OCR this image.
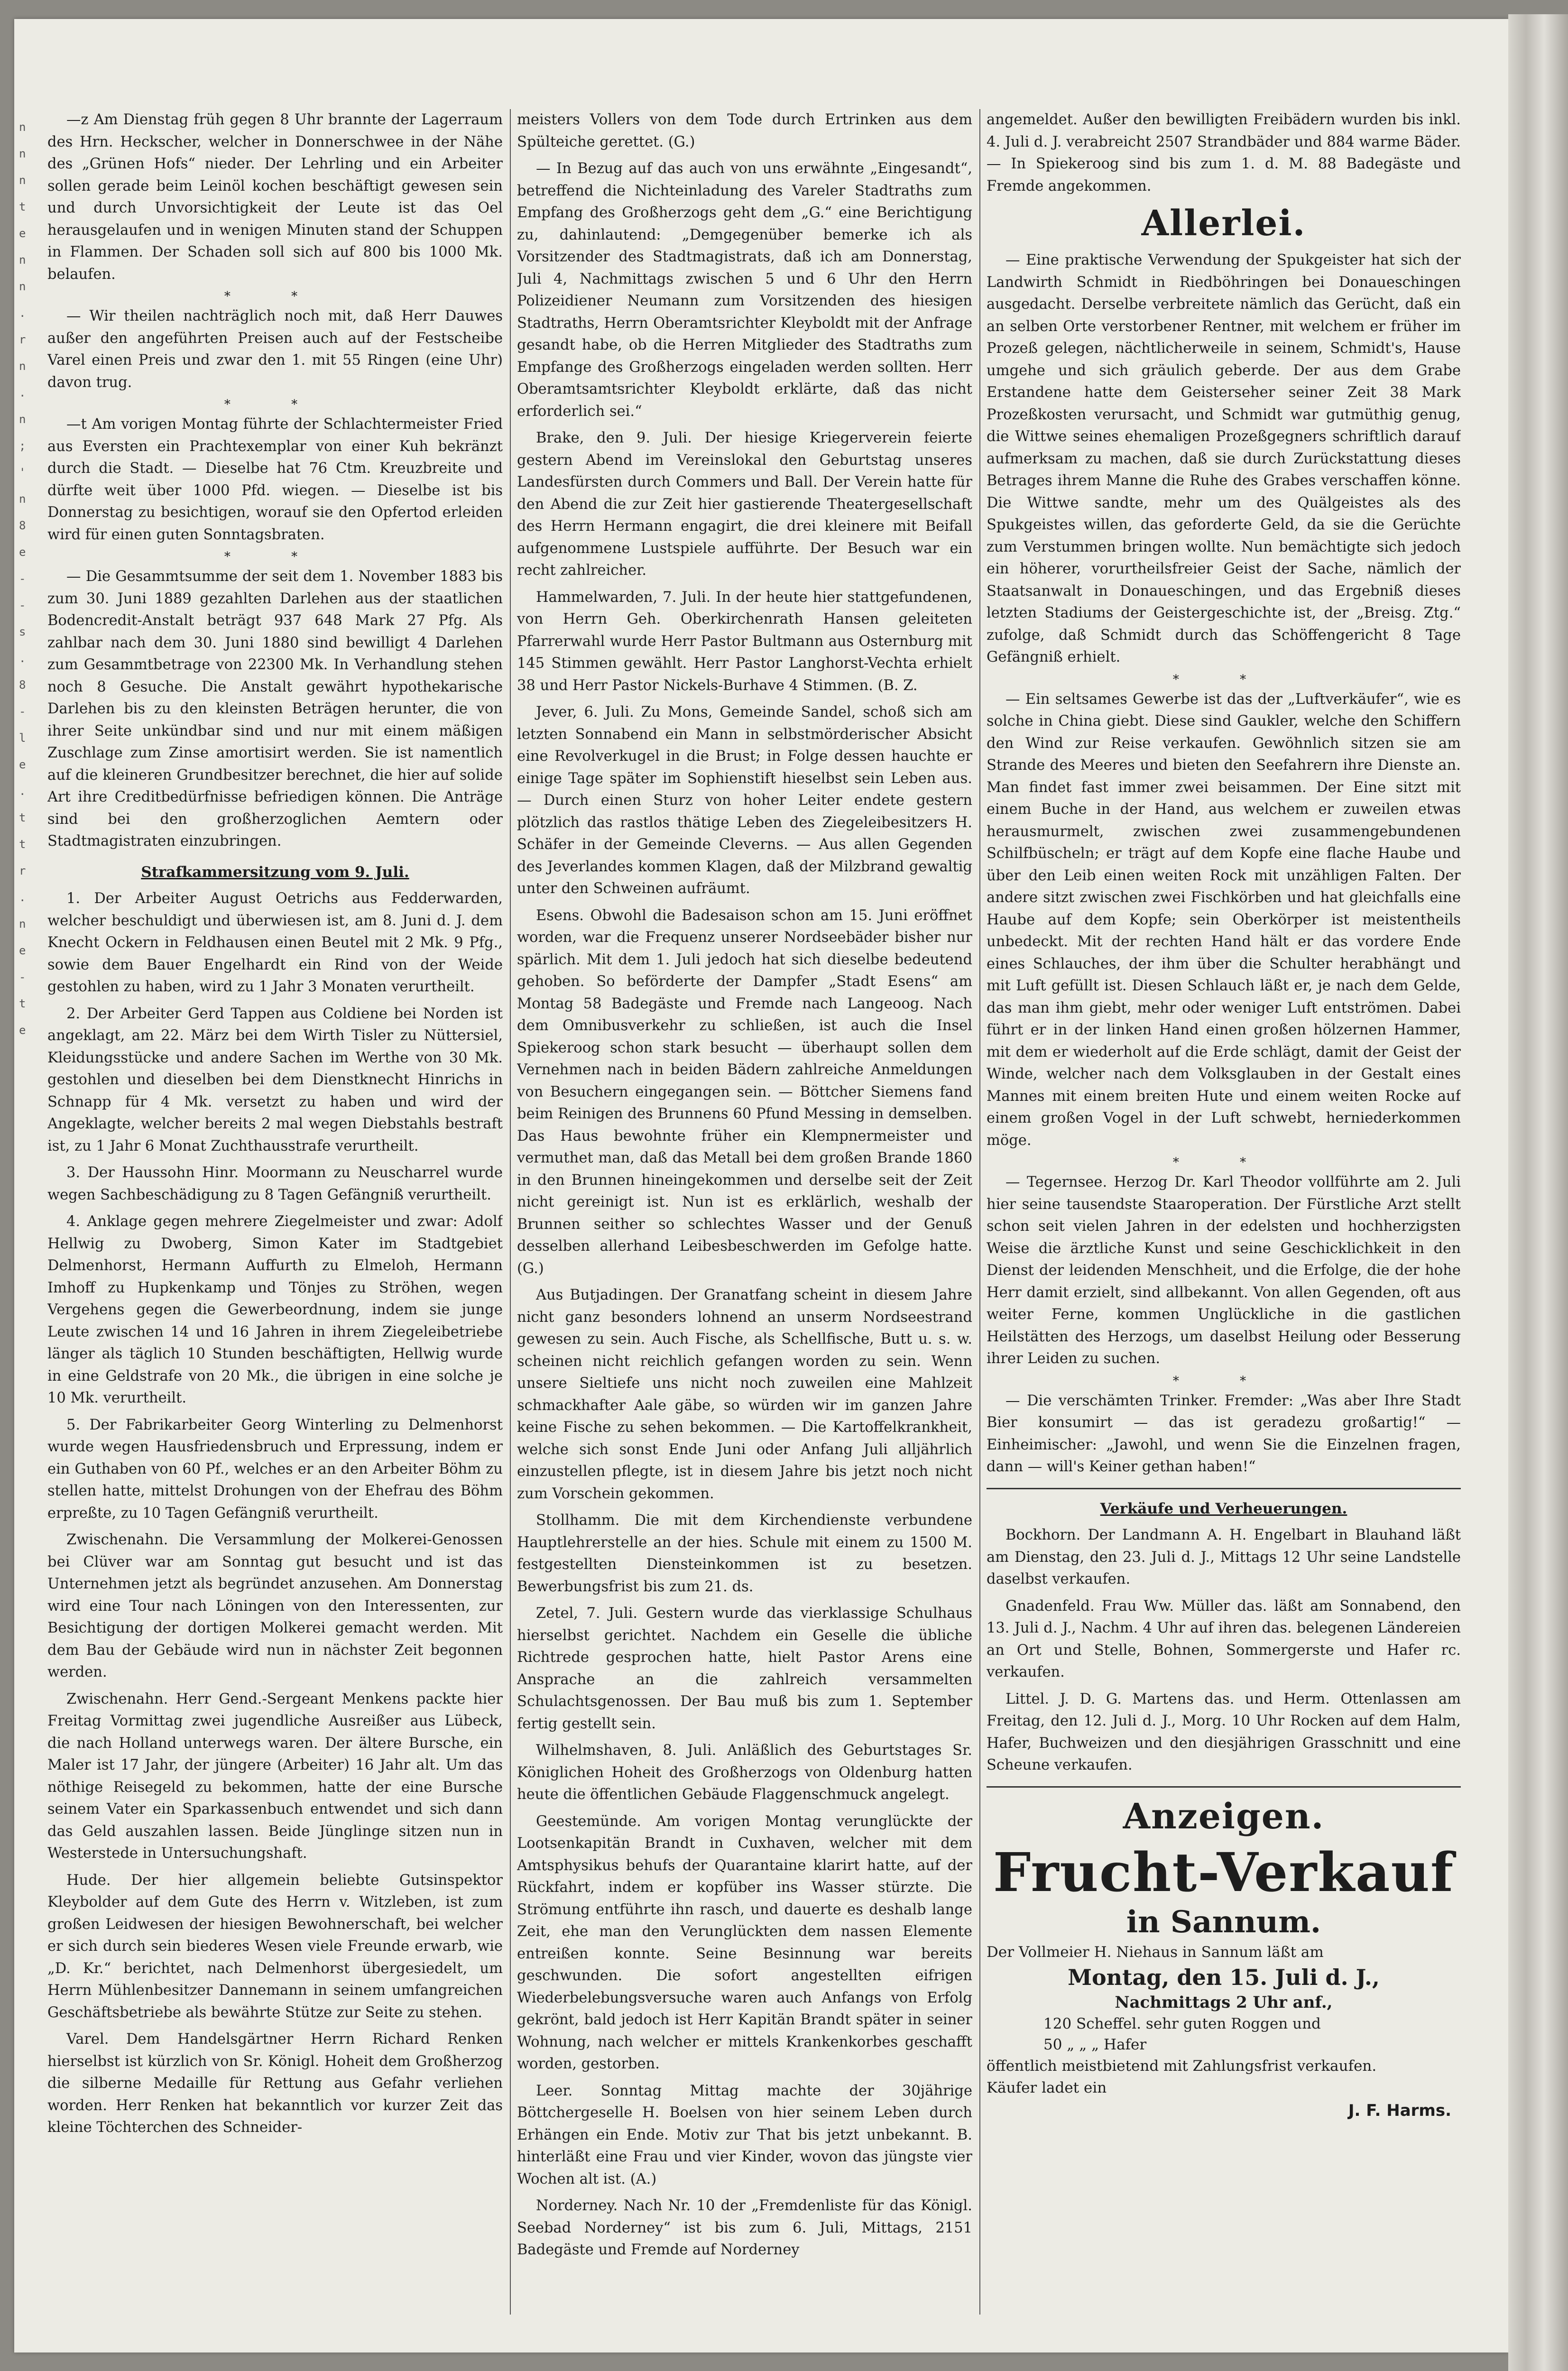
n
n
n
t
e
n
n
.
r
n
.
n
;
'
n
8
e
-
-
s
.
8
-
l
e
.
t
t
r
.
n
e
-
t
e

—z Am Dienstag früh gegen 8 Uhr brannte der Lagerraum des Hrn. Heckscher, welcher in Donnerschwee in der Nähe des „Grünen Hofs“ nieder. Der Lehrling und ein Arbeiter sollen gerade beim Leinöl kochen beschäftigt gewesen sein und durch Unvorsichtigkeit der Leute ist das Oel herausgelaufen und in wenigen Minuten stand der Schuppen in Flammen. Der Schaden soll sich auf 800 bis 1000 Mk. belaufen.

* *

— Wir theilen nachträglich noch mit, daß Herr Dauwes außer den angeführten Preisen auch auf der Festscheibe Varel einen Preis und zwar den 1. mit 55 Ringen (eine Uhr) davon trug.

* *

—t Am vorigen Montag führte der Schlachtermeister Fried aus Eversten ein Prachtexemplar von einer Kuh bekränzt durch die Stadt. — Dieselbe hat 76 Ctm. Kreuzbreite und dürfte weit über 1000 Pfd. wiegen. — Dieselbe ist bis Donnerstag zu besichtigen, worauf sie den Opfertod erleiden wird für einen guten Sonntagsbraten.

* *

— Die Gesammtsumme der seit dem 1. November 1883 bis zum 30. Juni 1889 gezahlten Darlehen aus der staatlichen Bodencredit-Anstalt beträgt 937 648 Mark 27 Pfg. Als zahlbar nach dem 30. Juni 1880 sind bewilligt 4 Darlehen zum Gesammtbetrage von 22300 Mk. In Verhandlung stehen noch 8 Gesuche. Die Anstalt gewährt hypothekarische Darlehen bis zu den kleinsten Beträgen herunter, die von ihrer Seite unkündbar sind und nur mit einem mäßigen Zuschlage zum Zinse amortisirt werden. Sie ist namentlich auf die kleineren Grundbesitzer berechnet, die hier auf solide Art ihre Creditbedürfnisse befriedigen können. Die Anträge sind bei den großherzoglichen Aemtern oder Stadtmagistraten einzubringen.

Strafkammersitzung vom 9. Juli.

1. Der Arbeiter August Oetrichs aus Fedderwarden, welcher beschuldigt und überwiesen ist, am 8. Juni d. J. dem Knecht Ockern in Feldhausen einen Beutel mit 2 Mk. 9 Pfg., sowie dem Bauer Engelhardt ein Rind von der Weide gestohlen zu haben, wird zu 1 Jahr 3 Monaten verurtheilt.

2. Der Arbeiter Gerd Tappen aus Coldiene bei Norden ist angeklagt, am 22. März bei dem Wirth Tisler zu Nüttersiel, Kleidungsstücke und andere Sachen im Werthe von 30 Mk. gestohlen und dieselben bei dem Dienstknecht Hinrichs in Schnapp für 4 Mk. versetzt zu haben und wird der Angeklagte, welcher bereits 2 mal wegen Diebstahls bestraft ist, zu 1 Jahr 6 Monat Zuchthausstrafe verurtheilt.

3. Der Haussohn Hinr. Moormann zu Neuscharrel wurde wegen Sachbeschädigung zu 8 Tagen Gefängniß verurtheilt.

4. Anklage gegen mehrere Ziegelmeister und zwar: Adolf Hellwig zu Dwoberg, Simon Kater im Stadtgebiet Delmenhorst, Hermann Auffurth zu Elmeloh, Hermann Imhoff zu Hupkenkamp und Tönjes zu Ströhen, wegen Vergehens gegen die Gewerbeordnung, indem sie junge Leute zwischen 14 und 16 Jahren in ihrem Ziegeleibetriebe länger als täglich 10 Stunden beschäftigten, Hellwig wurde in eine Geldstrafe von 20 Mk., die übrigen in eine solche je 10 Mk. verurtheilt.

5. Der Fabrikarbeiter Georg Winterling zu Delmenhorst wurde wegen Hausfriedensbruch und Erpressung, indem er ein Guthaben von 60 Pf., welches er an den Arbeiter Böhm zu stellen hatte, mittelst Drohungen von der Ehefrau des Böhm erpreßte, zu 10 Tagen Gefängniß verurtheilt.

Zwischenahn. Die Versammlung der Molkerei-Genossen bei Clüver war am Sonntag gut besucht und ist das Unternehmen jetzt als begründet anzusehen. Am Donnerstag wird eine Tour nach Löningen von den Interessenten, zur Besichtigung der dortigen Molkerei gemacht werden. Mit dem Bau der Gebäude wird nun in nächster Zeit begonnen werden.

Zwischenahn. Herr Gend.-Sergeant Menkens packte hier Freitag Vormittag zwei jugendliche Ausreißer aus Lübeck, die nach Holland unterwegs waren. Der ältere Bursche, ein Maler ist 17 Jahr, der jüngere (Arbeiter) 16 Jahr alt. Um das nöthige Reisegeld zu bekommen, hatte der eine Bursche seinem Vater ein Sparkassenbuch entwendet und sich dann das Geld auszahlen lassen. Beide Jünglinge sitzen nun in Westerstede in Untersuchungshaft.

Hude. Der hier allgemein beliebte Gutsinspektor Kleybolder auf dem Gute des Herrn v. Witzleben, ist zum großen Leidwesen der hiesigen Bewohnerschaft, bei welcher er sich durch sein biederes Wesen viele Freunde erwarb, wie „D. Kr.“ berichtet, nach Delmenhorst übergesiedelt, um Herrn Mühlenbesitzer Dannemann in seinem umfangreichen Geschäftsbetriebe als bewährte Stütze zur Seite zu stehen.

Varel. Dem Handelsgärtner Herrn Richard Renken hierselbst ist kürzlich von Sr. Königl. Hoheit dem Großherzog die silberne Medaille für Rettung aus Gefahr verliehen worden. Herr Renken hat bekanntlich vor kurzer Zeit das kleine Töchterchen des Schneider-

meisters Vollers von dem Tode durch Ertrinken aus dem Spülteiche gerettet. (G.)

— In Bezug auf das auch von uns erwähnte „Eingesandt“, betreffend die Nichteinladung des Vareler Stadtraths zum Empfang des Großherzogs geht dem „G.“ eine Berichtigung zu, dahinlautend: „Demgegenüber bemerke ich als Vorsitzender des Stadtmagistrats, daß ich am Donnerstag, Juli 4, Nachmittags zwischen 5 und 6 Uhr den Herrn Polizeidiener Neumann zum Vorsitzenden des hiesigen Stadtraths, Herrn Oberamtsrichter Kleyboldt mit der Anfrage gesandt habe, ob die Herren Mitglieder des Stadtraths zum Empfange des Großherzogs eingeladen werden sollten. Herr Oberamtsamtsrichter Kleyboldt erklärte, daß das nicht erforderlich sei.“

Brake, den 9. Juli. Der hiesige Kriegerverein feierte gestern Abend im Vereinslokal den Geburtstag unseres Landesfürsten durch Commers und Ball. Der Verein hatte für den Abend die zur Zeit hier gastierende Theatergesellschaft des Herrn Hermann engagirt, die drei kleinere mit Beifall aufgenommene Lustspiele aufführte. Der Besuch war ein recht zahlreicher.

Hammelwarden, 7. Juli. In der heute hier stattgefundenen, von Herrn Geh. Oberkirchenrath Hansen geleiteten Pfarrerwahl wurde Herr Pastor Bultmann aus Osternburg mit 145 Stimmen gewählt. Herr Pastor Langhorst-Vechta erhielt 38 und Herr Pastor Nickels-Burhave 4 Stimmen. (B. Z.

Jever, 6. Juli. Zu Mons, Gemeinde Sandel, schoß sich am letzten Sonnabend ein Mann in selbstmörderischer Absicht eine Revolverkugel in die Brust; in Folge dessen hauchte er einige Tage später im Sophienstift hieselbst sein Leben aus. — Durch einen Sturz von hoher Leiter endete gestern plötzlich das rastlos thätige Leben des Ziegeleibesitzers H. Schäfer in der Gemeinde Cleverns. — Aus allen Gegenden des Jeverlandes kommen Klagen, daß der Milzbrand gewaltig unter den Schweinen aufräumt.

Esens. Obwohl die Badesaison schon am 15. Juni eröffnet worden, war die Frequenz unserer Nordseebäder bisher nur spärlich. Mit dem 1. Juli jedoch hat sich dieselbe bedeutend gehoben. So beförderte der Dampfer „Stadt Esens“ am Montag 58 Badegäste und Fremde nach Langeoog. Nach dem Omnibusverkehr zu schließen, ist auch die Insel Spiekeroog schon stark besucht — überhaupt sollen dem Vernehmen nach in beiden Bädern zahlreiche Anmeldungen von Besuchern eingegangen sein. — Böttcher Siemens fand beim Reinigen des Brunnens 60 Pfund Messing in demselben. Das Haus bewohnte früher ein Klempnermeister und vermuthet man, daß das Metall bei dem großen Brande 1860 in den Brunnen hineingekommen und derselbe seit der Zeit nicht gereinigt ist. Nun ist es erklärlich, weshalb der Brunnen seither so schlechtes Wasser und der Genuß desselben allerhand Leibesbeschwerden im Gefolge hatte. (G.)

Aus Butjadingen. Der Granatfang scheint in diesem Jahre nicht ganz besonders lohnend an unserm Nordseestrand gewesen zu sein. Auch Fische, als Schellfische, Butt u. s. w. scheinen nicht reichlich gefangen worden zu sein. Wenn unsere Sieltiefe uns nicht noch zuweilen eine Mahlzeit schmackhafter Aale gäbe, so würden wir im ganzen Jahre keine Fische zu sehen bekommen. — Die Kartoffelkrankheit, welche sich sonst Ende Juni oder Anfang Juli alljährlich einzustellen pflegte, ist in diesem Jahre bis jetzt noch nicht zum Vorschein gekommen.

Stollhamm. Die mit dem Kirchendienste verbundene Hauptlehrerstelle an der hies. Schule mit einem zu 1500 M. festgestellten Diensteinkommen ist zu besetzen. Bewerbungsfrist bis zum 21. ds.

Zetel, 7. Juli. Gestern wurde das vierklassige Schulhaus hierselbst gerichtet. Nachdem ein Geselle die übliche Richtrede gesprochen hatte, hielt Pastor Arens eine Ansprache an die zahlreich versammelten Schulachtsgenossen. Der Bau muß bis zum 1. September fertig gestellt sein.

Wilhelmshaven, 8. Juli. Anläßlich des Geburtstages Sr. Königlichen Hoheit des Großherzogs von Oldenburg hatten heute die öffentlichen Gebäude Flaggenschmuck angelegt.

Geestemünde. Am vorigen Montag verunglückte der Lootsenkapitän Brandt in Cuxhaven, welcher mit dem Amtsphysikus behufs der Quarantaine klarirt hatte, auf der Rückfahrt, indem er kopfüber ins Wasser stürzte. Die Strömung entführte ihn rasch, und dauerte es deshalb lange Zeit, ehe man den Verunglückten dem nassen Elemente entreißen konnte. Seine Besinnung war bereits geschwunden. Die sofort angestellten eifrigen Wiederbelebungsversuche waren auch Anfangs von Erfolg gekrönt, bald jedoch ist Herr Kapitän Brandt später in seiner Wohnung, nach welcher er mittels Krankenkorbes geschafft worden, gestorben.

Leer. Sonntag Mittag machte der 30jährige Böttchergeselle H. Boelsen von hier seinem Leben durch Erhängen ein Ende. Motiv zur That bis jetzt unbekannt. B. hinterläßt eine Frau und vier Kinder, wovon das jüngste vier Wochen alt ist. (A.)

Norderney. Nach Nr. 10 der „Fremdenliste für das Königl. Seebad Norderney“ ist bis zum 6. Juli, Mittags, 2151 Badegäste und Fremde auf Norderney

angemeldet. Außer den bewilligten Freibädern wurden bis inkl. 4. Juli d. J. verabreicht 2507 Strandbäder und 884 warme Bäder. — In Spiekeroog sind bis zum 1. d. M. 88 Badegäste und Fremde angekommen.

Allerlei.

— Eine praktische Verwendung der Spukgeister hat sich der Landwirth Schmidt in Riedböhringen bei Donaueschingen ausgedacht. Derselbe verbreitete nämlich das Gerücht, daß ein an selben Orte verstorbener Rentner, mit welchem er früher im Prozeß gelegen, nächtlicherweile in seinem, Schmidt's, Hause umgehe und sich gräulich geberde. Der aus dem Grabe Erstandene hatte dem Geisterseher seiner Zeit 38 Mark Prozeßkosten verursacht, und Schmidt war gutmüthig genug, die Wittwe seines ehemaligen Prozeßgegners schriftlich darauf aufmerksam zu machen, daß sie durch Zurückstattung dieses Betrages ihrem Manne die Ruhe des Grabes verschaffen könne. Die Wittwe sandte, mehr um des Quälgeistes als des Spukgeistes willen, das geforderte Geld, da sie die Gerüchte zum Verstummen bringen wollte. Nun bemächtigte sich jedoch ein höherer, vorurtheilsfreier Geist der Sache, nämlich der Staatsanwalt in Donaueschingen, und das Ergebniß dieses letzten Stadiums der Geistergeschichte ist, der „Breisg. Ztg.“ zufolge, daß Schmidt durch das Schöffengericht 8 Tage Gefängniß erhielt.

* *

— Ein seltsames Gewerbe ist das der „Luftverkäufer“, wie es solche in China giebt. Diese sind Gaukler, welche den Schiffern den Wind zur Reise verkaufen. Gewöhnlich sitzen sie am Strande des Meeres und bieten den Seefahrern ihre Dienste an. Man findet fast immer zwei beisammen. Der Eine sitzt mit einem Buche in der Hand, aus welchem er zuweilen etwas herausmurmelt, zwischen zwei zusammengebundenen Schilfbüscheln; er trägt auf dem Kopfe eine flache Haube und über den Leib einen weiten Rock mit unzähligen Falten. Der andere sitzt zwischen zwei Fischkörben und hat gleichfalls eine Haube auf dem Kopfe; sein Oberkörper ist meistentheils unbedeckt. Mit der rechten Hand hält er das vordere Ende eines Schlauches, der ihm über die Schulter herabhängt und mit Luft gefüllt ist. Diesen Schlauch läßt er, je nach dem Gelde, das man ihm giebt, mehr oder weniger Luft entströmen. Dabei führt er in der linken Hand einen großen hölzernen Hammer, mit dem er wiederholt auf die Erde schlägt, damit der Geist der Winde, welcher nach dem Volksglauben in der Gestalt eines Mannes mit einem breiten Hute und einem weiten Rocke auf einem großen Vogel in der Luft schwebt, herniederkommen möge.

* *

— Tegernsee. Herzog Dr. Karl Theodor vollführte am 2. Juli hier seine tausendste Staaroperation. Der Fürstliche Arzt stellt schon seit vielen Jahren in der edelsten und hochherzigsten Weise die ärztliche Kunst und seine Geschicklichkeit in den Dienst der leidenden Menschheit, und die Erfolge, die der hohe Herr damit erzielt, sind allbekannt. Von allen Gegenden, oft aus weiter Ferne, kommen Unglückliche in die gastlichen Heilstätten des Herzogs, um daselbst Heilung oder Besserung ihrer Leiden zu suchen.

* *

— Die verschämten Trinker. Fremder: „Was aber Ihre Stadt Bier konsumirt — das ist geradezu großartig!“ — Einheimischer: „Jawohl, und wenn Sie die Einzelnen fragen, dann — will's Keiner gethan haben!“

Verkäufe und Verheuerungen.

Bockhorn. Der Landmann A. H. Engelbart in Blauhand läßt am Dienstag, den 23. Juli d. J., Mittags 12 Uhr seine Landstelle daselbst verkaufen.

Gnadenfeld. Frau Ww. Müller das. läßt am Sonnabend, den 13. Juli d. J., Nachm. 4 Uhr auf ihren das. belegenen Ländereien an Ort und Stelle, Bohnen, Sommergerste und Hafer rc. verkaufen.

Littel. J. D. G. Martens das. und Herm. Ottenlassen am Freitag, den 12. Juli d. J., Morg. 10 Uhr Rocken auf dem Halm, Hafer, Buchweizen und den diesjährigen Grasschnitt und eine Scheune verkaufen.

Anzeigen.
Frucht-Verkauf
in Sannum.
Der Vollmeier H. Niehaus in Sannum läßt am
Montag, den 15. Juli d. J.,
Nachmittags 2 Uhr anf.,
120 Scheffel. sehr guten Roggen und
50 „ „ „ Hafer
öffentlich meistbietend mit Zahlungsfrist verkaufen.
Käufer ladet ein
J. F. Harms.
